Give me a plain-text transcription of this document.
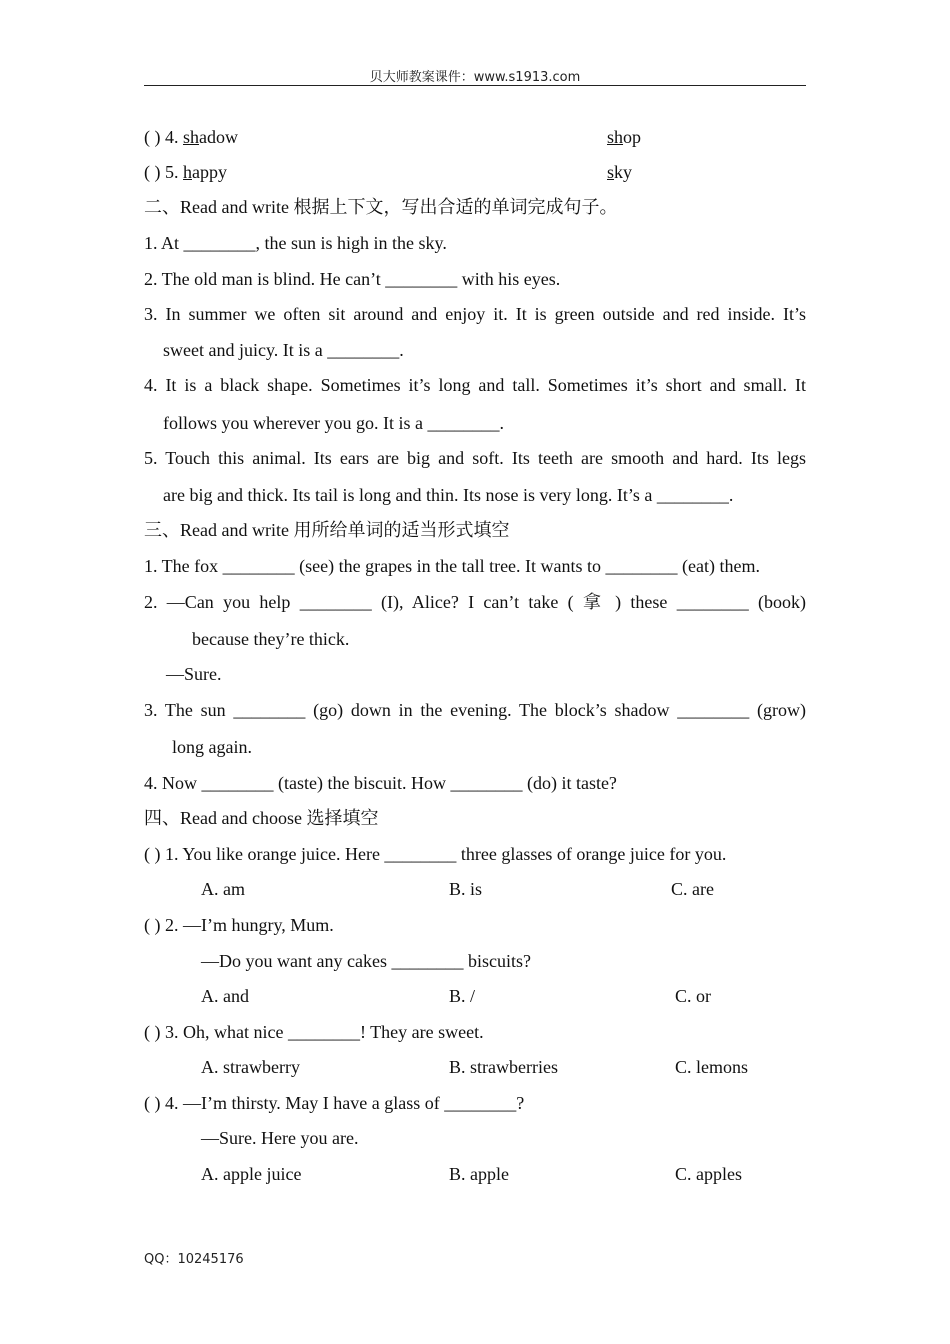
贝大师教案课件：www.s1913.com
( ) 4. shadow	shop
( ) 5. happy	sky
二、Read and write 根据上下文，写出合适的单词完成句子。
1. At ________, the sun is high in the sky.
2. The old man is blind. He can’t ________ with his eyes.
3. In summer we often sit around and enjoy it. It is green outside and red inside. It’s
sweet and juicy. It is a ________.
4. It is a black shape. Sometimes it’s long and tall. Sometimes it’s short and small. It
follows you wherever you go. It is a ________.
5. Touch this animal. Its ears are big and soft. Its teeth are smooth and hard. Its legs
are big and thick. Its tail is long and thin. Its nose is very long. It’s a ________.
三、Read and write 用所给单词的适当形式填空
1. The fox ________ (see) the grapes in the tall tree. It wants to ________ (eat) them.
2. —Can you help ________ (I), Alice? I can’t take ( 拿 ) these ________ (book)
because they’re thick.
—Sure.
3. The sun ________ (go) down in the evening. The block’s shadow ________ (grow)
long again.
4. Now ________ (taste) the biscuit. How ________ (do) it taste?
四、Read and choose 选择填空
( ) 1. You like orange juice. Here ________ three glasses of orange juice for you.
A. am	B. is	C. are
( ) 2. —I’m hungry, Mum.
—Do you want any cakes ________ biscuits?
A. and	B. /	C. or
( ) 3. Oh, what nice ________! They are sweet.
A. strawberry	B. strawberries	C. lemons
( ) 4. —I’m thirsty. May I have a glass of ________?
—Sure. Here you are.
A. apple juice	B. apple	C. apples
QQ：10245176
